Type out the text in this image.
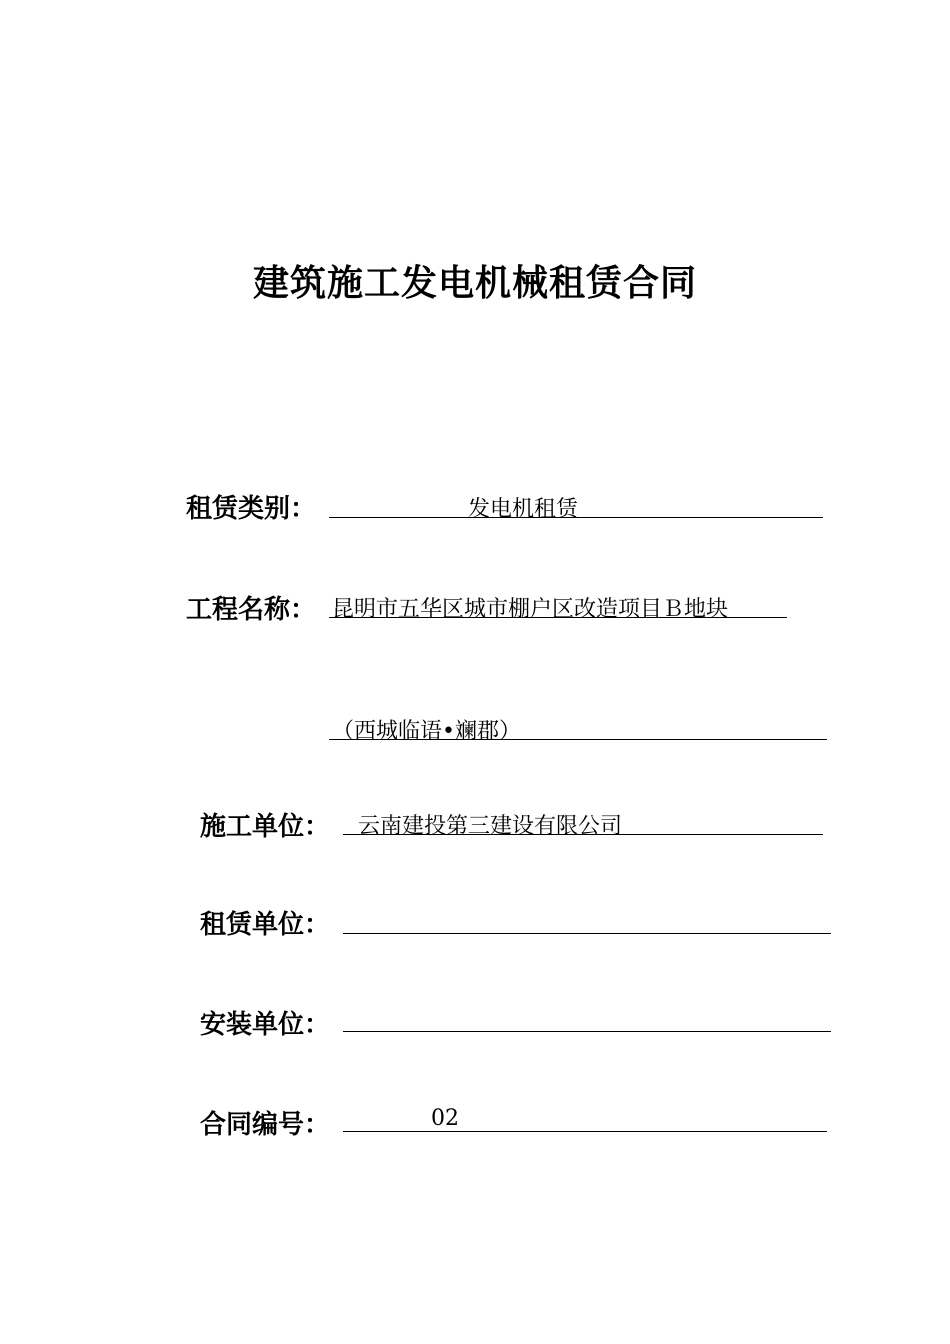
建筑施工发电机械租赁合同
租赁类别：	发电机租赁
工程名称： 昆明市五华区城市棚户区改造项目Ｂ地块
（西城临语•斓郡）
施工单位： 云南建投第三建设有限公司
租赁单位：
安装单位：
合同编号：	02
